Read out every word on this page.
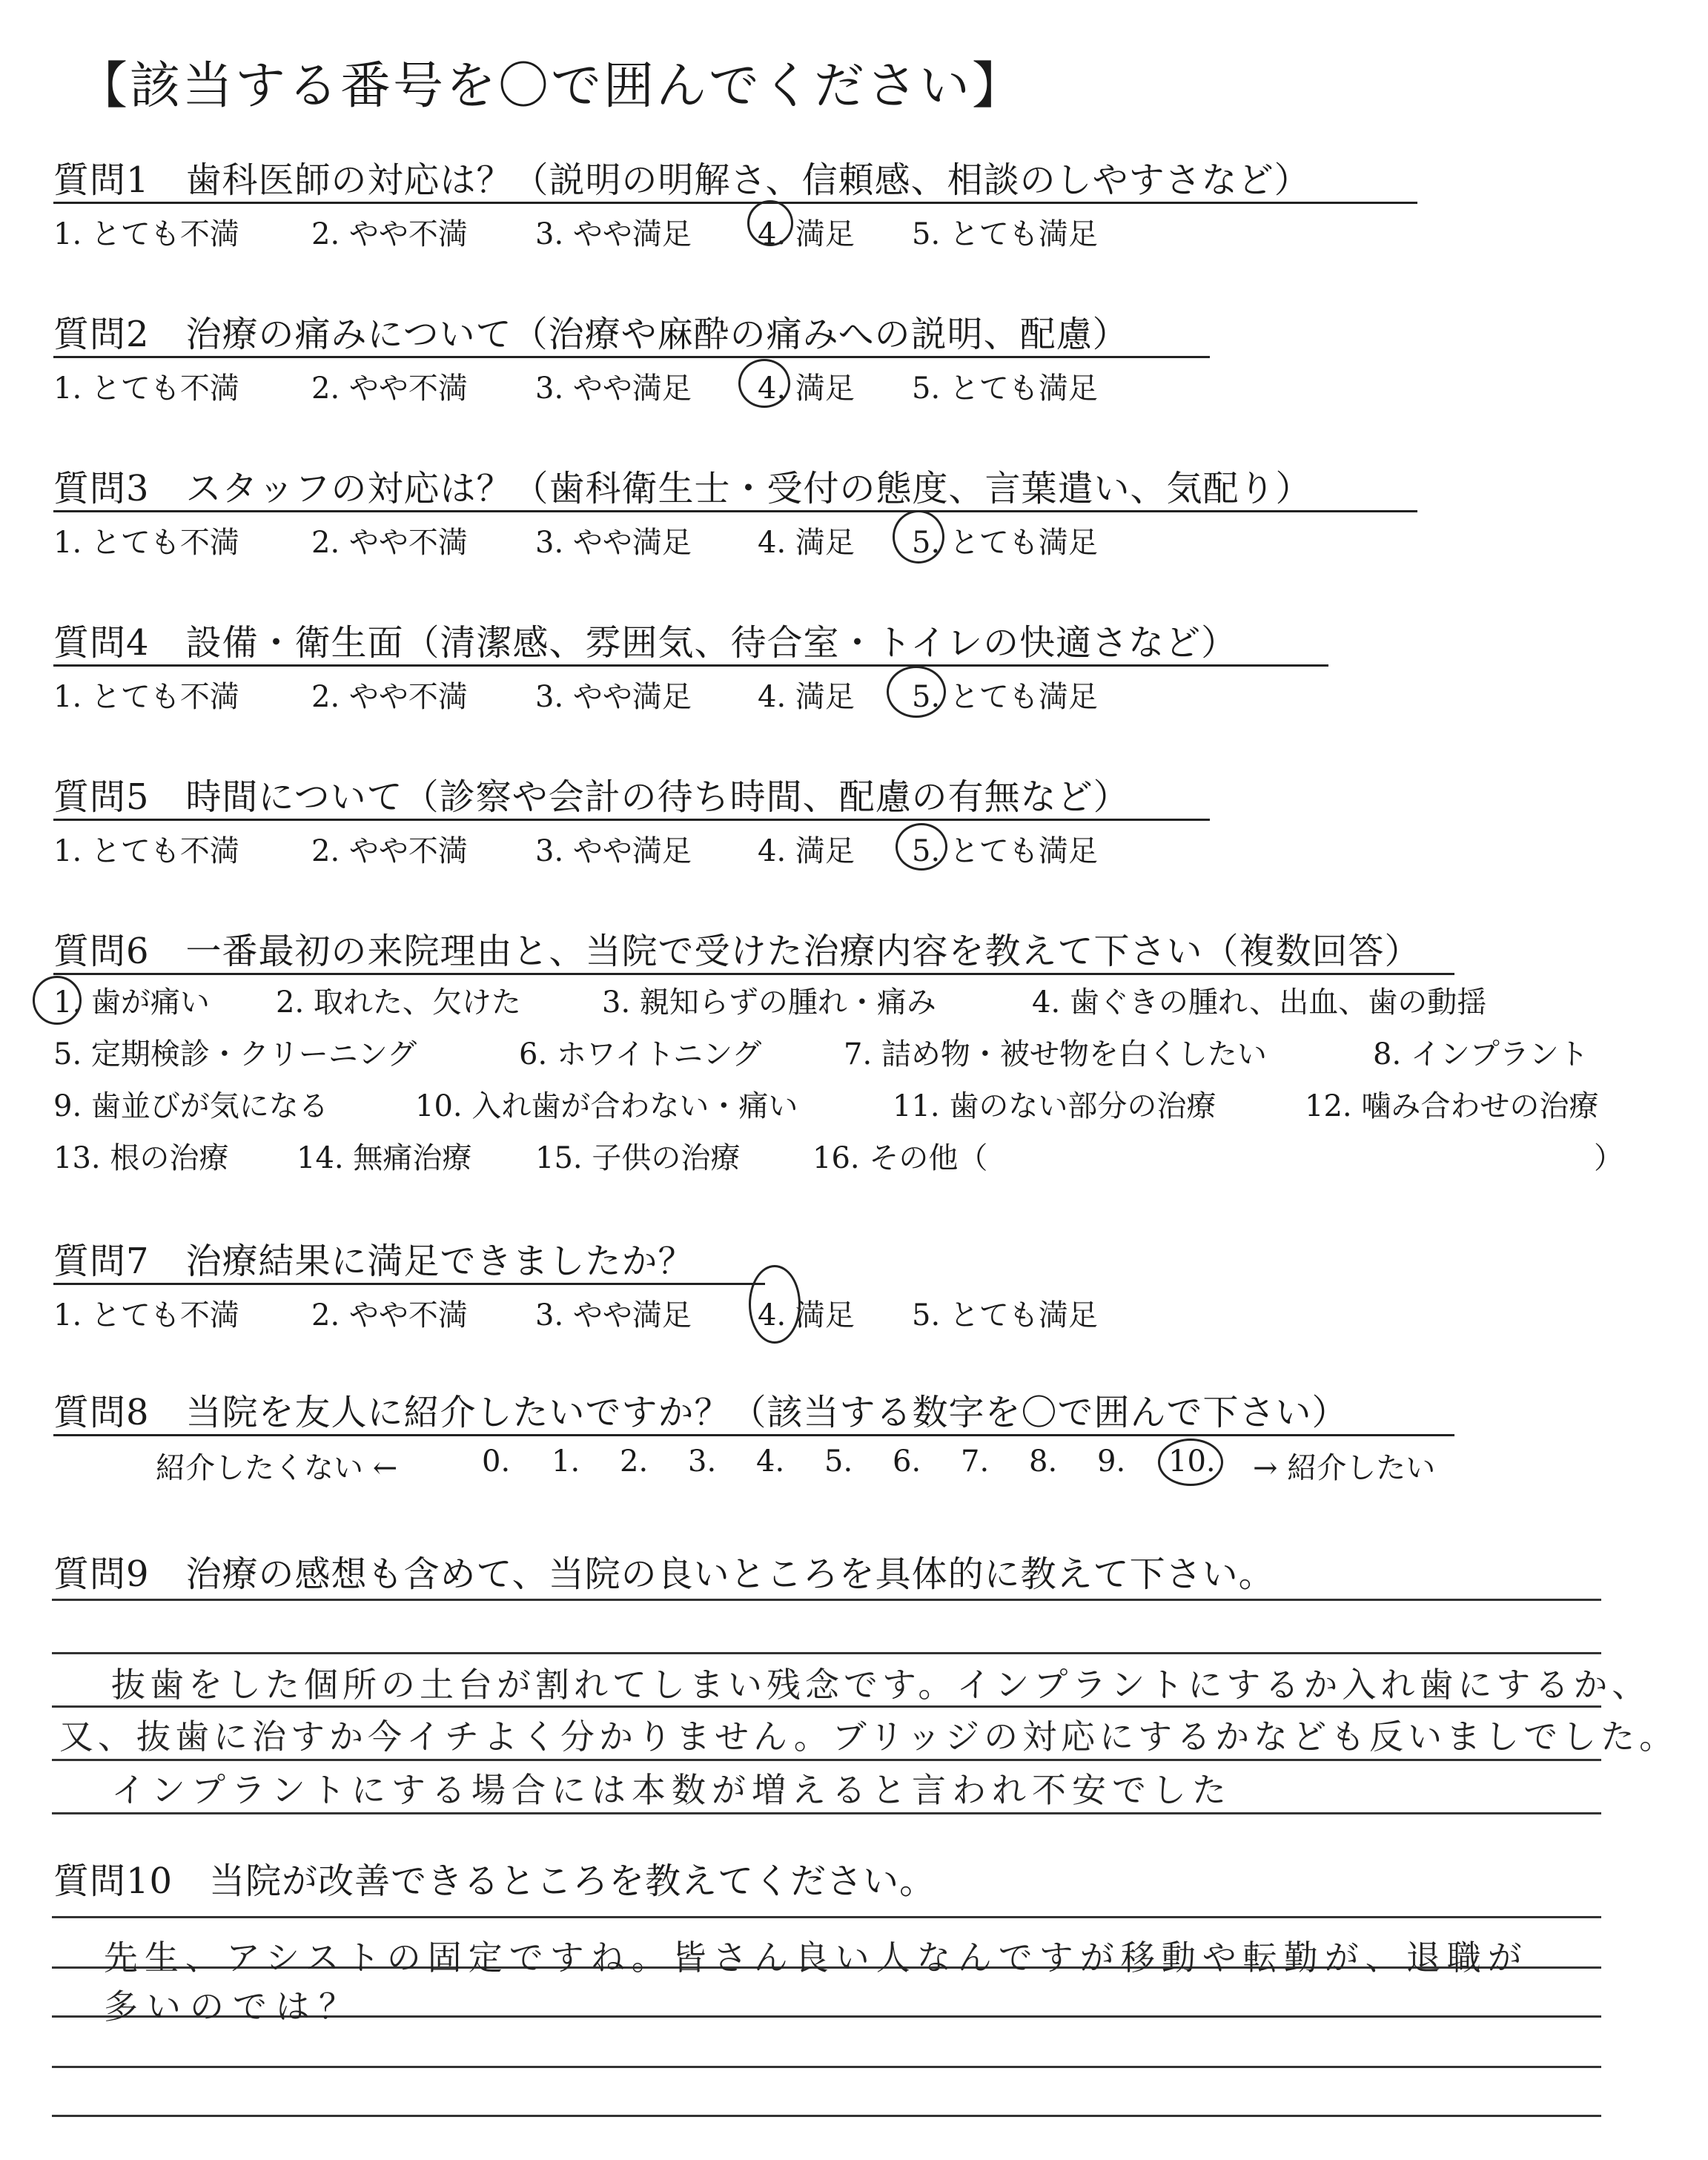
【該当する番号を〇で囲んでください】
質問1　歯科医師の対応は？（説明の明解さ、信頼感、相談のしやすさなど）
1. とても不満 2. やや不満 3. やや満足 4. 満足 5. とても満足
質問2　治療の痛みについて（治療や麻酔の痛みへの説明、配慮）
1. とても不満 2. やや不満 3. やや満足 4. 満足 5. とても満足
質問3　スタッフの対応は？（歯科衛生士・受付の態度、言葉遣い、気配り）
1. とても不満 2. やや不満 3. やや満足 4. 満足 5. とても満足
質問4　設備・衛生面（清潔感、雰囲気、待合室・トイレの快適さなど）
1. とても不満 2. やや不満 3. やや満足 4. 満足 5. とても満足
質問5　時間について（診察や会計の待ち時間、配慮の有無など）
1. とても不満 2. やや不満 3. やや満足 4. 満足 5. とても満足
質問6　一番最初の来院理由と、当院で受けた治療内容を教えて下さい（複数回答）
1. 歯が痛い 2. 取れた、欠けた	3. 親知らずの腫れ・痛み	4. 歯ぐきの腫れ、出血、歯の動揺
5. 定期検診・クリーニング	6. ホワイトニング	7. 詰め物・被せ物を白くしたい	8. インプラント
9. 歯並びが気になる	10. 入れ歯が合わない・痛い	11. 歯のない部分の治療	12. 噛み合わせの治療
13. 根の治療 14. 無痛治療 15. 子供の治療 16. その他（	）
質問7　治療結果に満足できましたか？
1. とても不満 2. やや不満 3. やや満足 4. 満足 5. とても満足
質問8　当院を友人に紹介したいですか？（該当する数字を〇で囲んで下さい）
紹介したくない ←	0. 1. 2. 3. 4. 5. 6. 7. 8. 9. 10. → 紹介したい
質問9　治療の感想も含めて、当院の良いところを具体的に教えて下さい。
抜歯をした個所の土台が割れてしまい残念です。インプラントにするか入れ歯にするか、
又、抜歯に治すか今イチよく分かりません。ブリッジの対応にするかなども反いましでした。
インプラントにする場合には本数が増えると言われ不安でした
質問10　当院が改善できるところを教えてください。
先生、アシストの固定ですね。皆さん良い人なんですが移動や転勤が、退職が
多いのでは？
